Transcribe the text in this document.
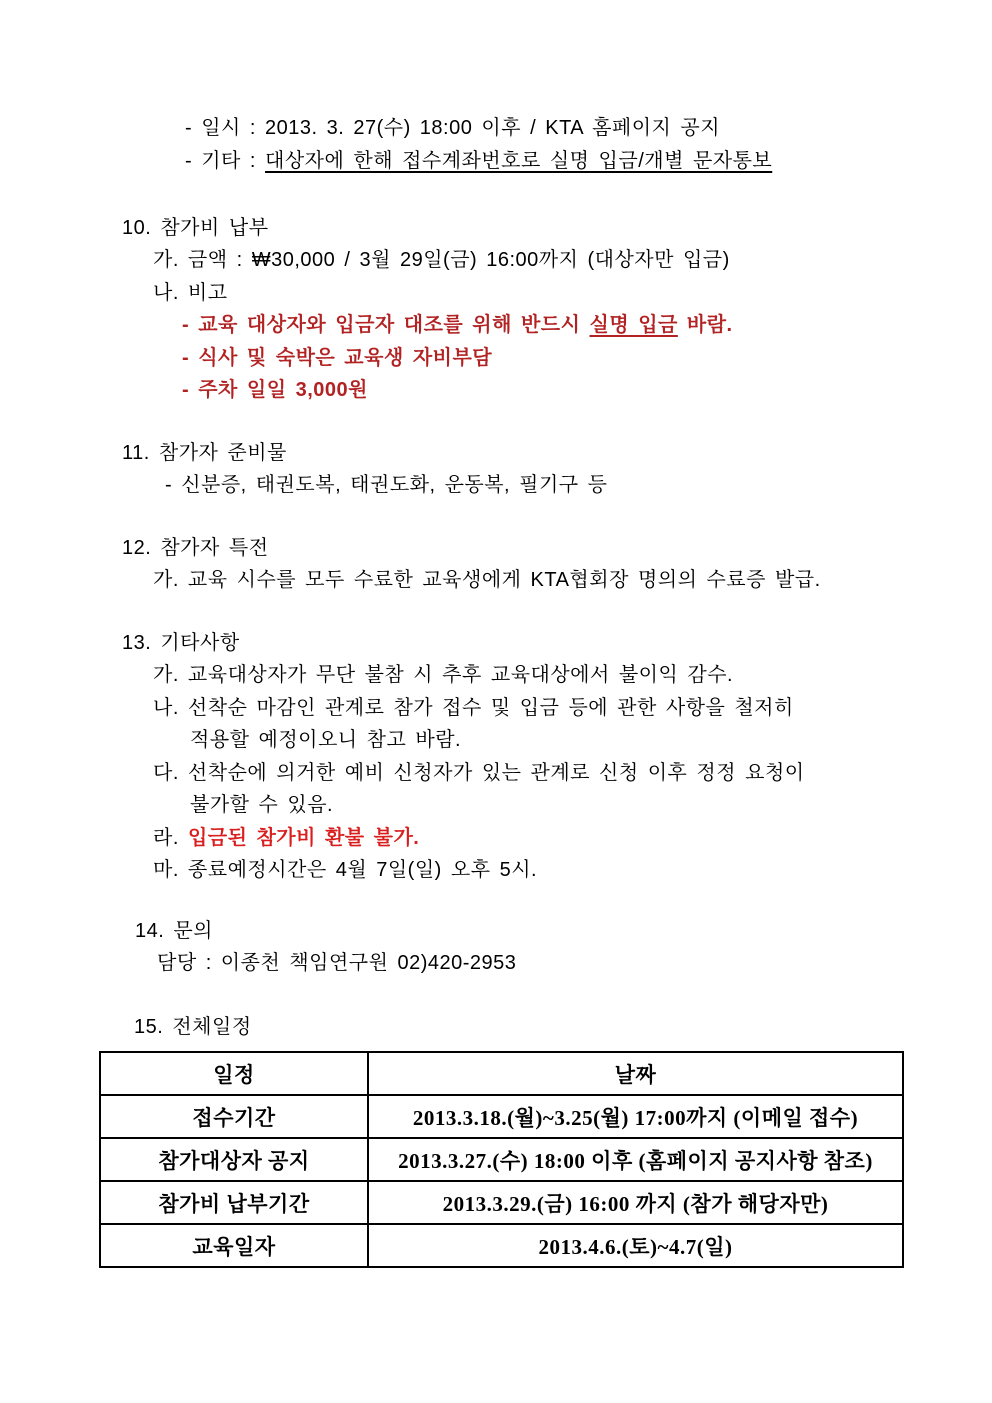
- 일시 : 2013. 3. 27(수) 18:00 이후 / KTA 홈페이지 공지
- 기타 : 대상자에 한해 접수계좌번호로 실명 입금/개별 문자통보
10. 참가비 납부
가. 금액 : ₩30,000 / 3월 29일(금) 16:00까지 (대상자만 입금)
나. 비고
- 교육 대상자와 입금자 대조를 위해 반드시 실명 입금 바람.
- 식사 및 숙박은 교육생 자비부담
- 주차 일일 3,000원
11. 참가자 준비물
- 신분증, 태권도복, 태권도화, 운동복, 필기구 등
12. 참가자 특전
가. 교육 시수를 모두 수료한 교육생에게 KTA협회장 명의의 수료증 발급.
13. 기타사항
가. 교육대상자가 무단 불참 시 추후 교육대상에서 불이익 감수.
나. 선착순 마감인 관계로 참가 접수 및 입금 등에 관한 사항을 철저히
적용할 예정이오니 참고 바람.
다. 선착순에 의거한 예비 신청자가 있는 관계로 신청 이후 정정 요청이
불가할 수 있음.
라. 입금된 참가비 환불 불가.
마. 종료예정시간은 4월 7일(일) 오후 5시.
14. 문의
담당 : 이종천 책임연구원 02)420-2953
15. 전체일정
일정	날짜
접수기간	2013.3.18.(월)~3.25(월) 17:00까지 (이메일 접수)
참가대상자 공지	2013.3.27.(수) 18:00 이후 (홈페이지 공지사항 참조)
참가비 납부기간	2013.3.29.(금) 16:00 까지 (참가 해당자만)
교육일자	2013.4.6.(토)~4.7(일)
